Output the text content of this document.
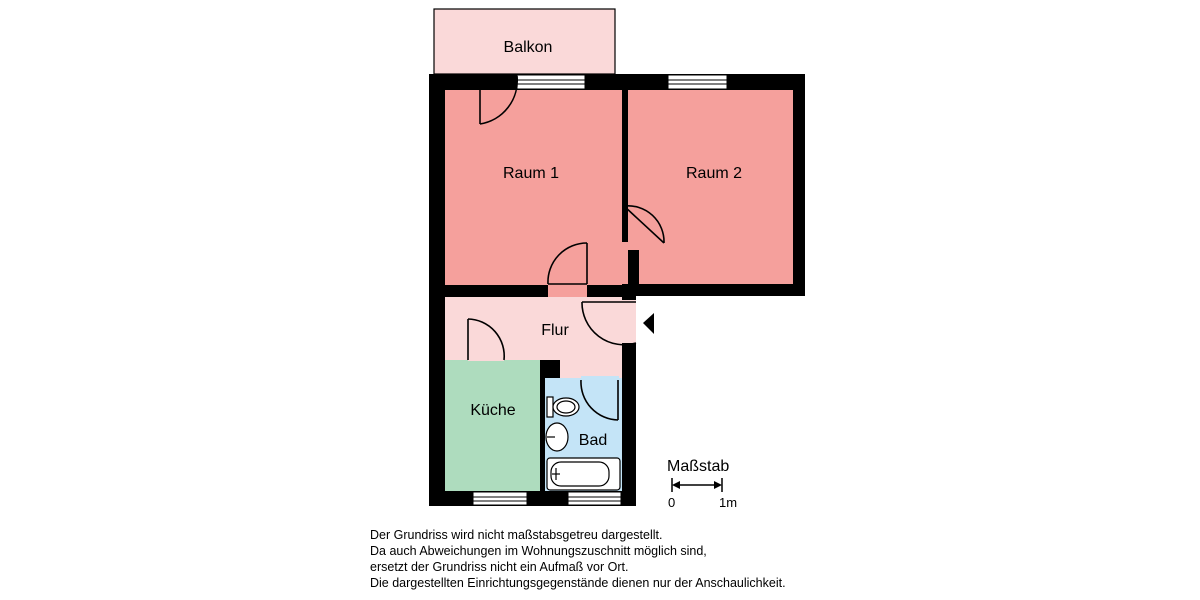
Balkon
Raum 1	Raum 2
Flur
Küche
Bad
Maßstab
0	1m
Der Grundriss wird nicht maßstabsgetreu dargestellt.
Da auch Abweichungen im Wohnungszuschnitt möglich sind,
ersetzt der Grundriss nicht ein Aufmaß vor Ort.
Die dargestellten Einrichtungsgegenstände dienen nur der Anschaulichkeit.
